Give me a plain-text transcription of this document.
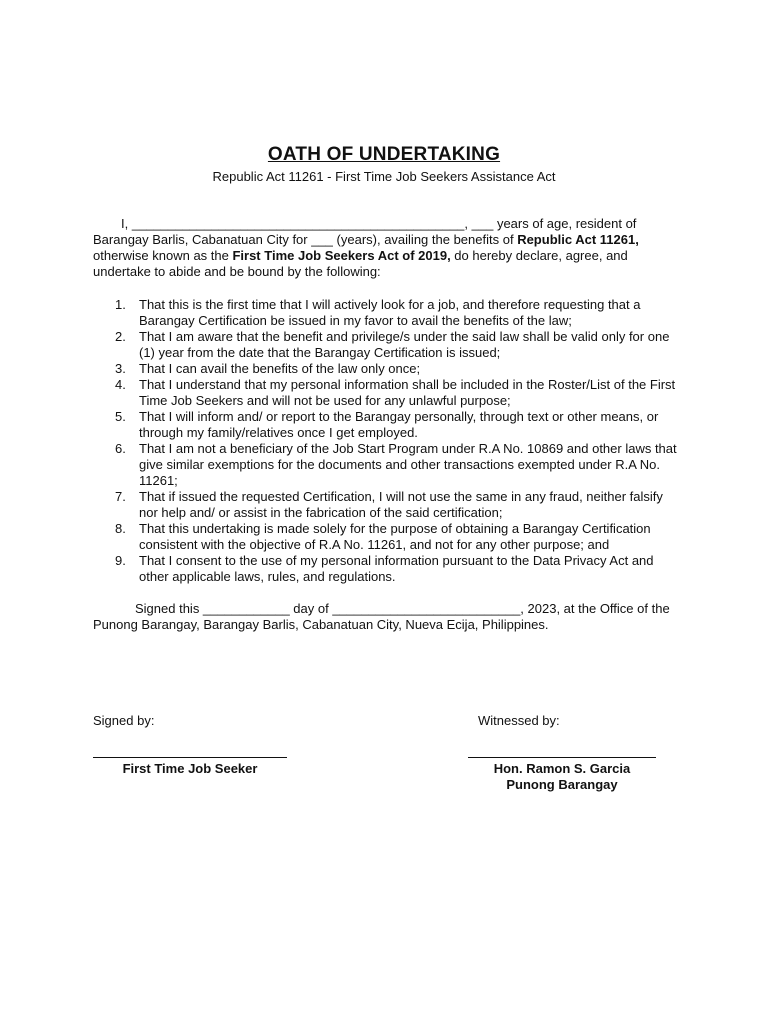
OATH OF UNDERTAKING
Republic Act 11261 - First Time Job Seekers Assistance Act

I, ______________________________________________, ___ years of age, resident of Barangay Barlis, Cabanatuan City for ___ (years), availing the benefits of Republic Act 11261, otherwise known as the First Time Job Seekers Act of 2019, do hereby declare, agree, and undertake to abide and be bound by the following:

1.	That this is the first time that I will actively look for a job, and therefore requesting that a Barangay Certification be issued in my favor to avail the benefits of the law;
2.	That I am aware that the benefit and privilege/s under the said law shall be valid only for one (1) year from the date that the Barangay Certification is issued;
3.	That I can avail the benefits of the law only once;
4.	That I understand that my personal information shall be included in the Roster/List of the First Time Job Seekers and will not be used for any unlawful purpose;
5.	That I will inform and/ or report to the Barangay personally, through text or other means, or through my family/relatives once I get employed.
6.	That I am not a beneficiary of the Job Start Program under R.A No. 10869 and other laws that give similar exemptions for the documents and other transactions exempted under R.A No. 11261;
7.	That if issued the requested Certification, I will not use the same in any fraud, neither falsify nor help and/ or assist in the fabrication of the said certification;
8.	That this undertaking is made solely for the purpose of obtaining a Barangay Certification consistent with the objective of R.A No. 11261, and not for any other purpose; and
9.	That I consent to the use of my personal information pursuant to the Data Privacy Act and other applicable laws, rules, and regulations.

Signed this ____________ day of __________________________, 2023, at the Office of the Punong Barangay, Barangay Barlis, Cabanatuan City, Nueva Ecija, Philippines.

Signed by:
First Time Job Seeker
Witnessed by:
Hon. Ramon S. Garcia
Punong Barangay
